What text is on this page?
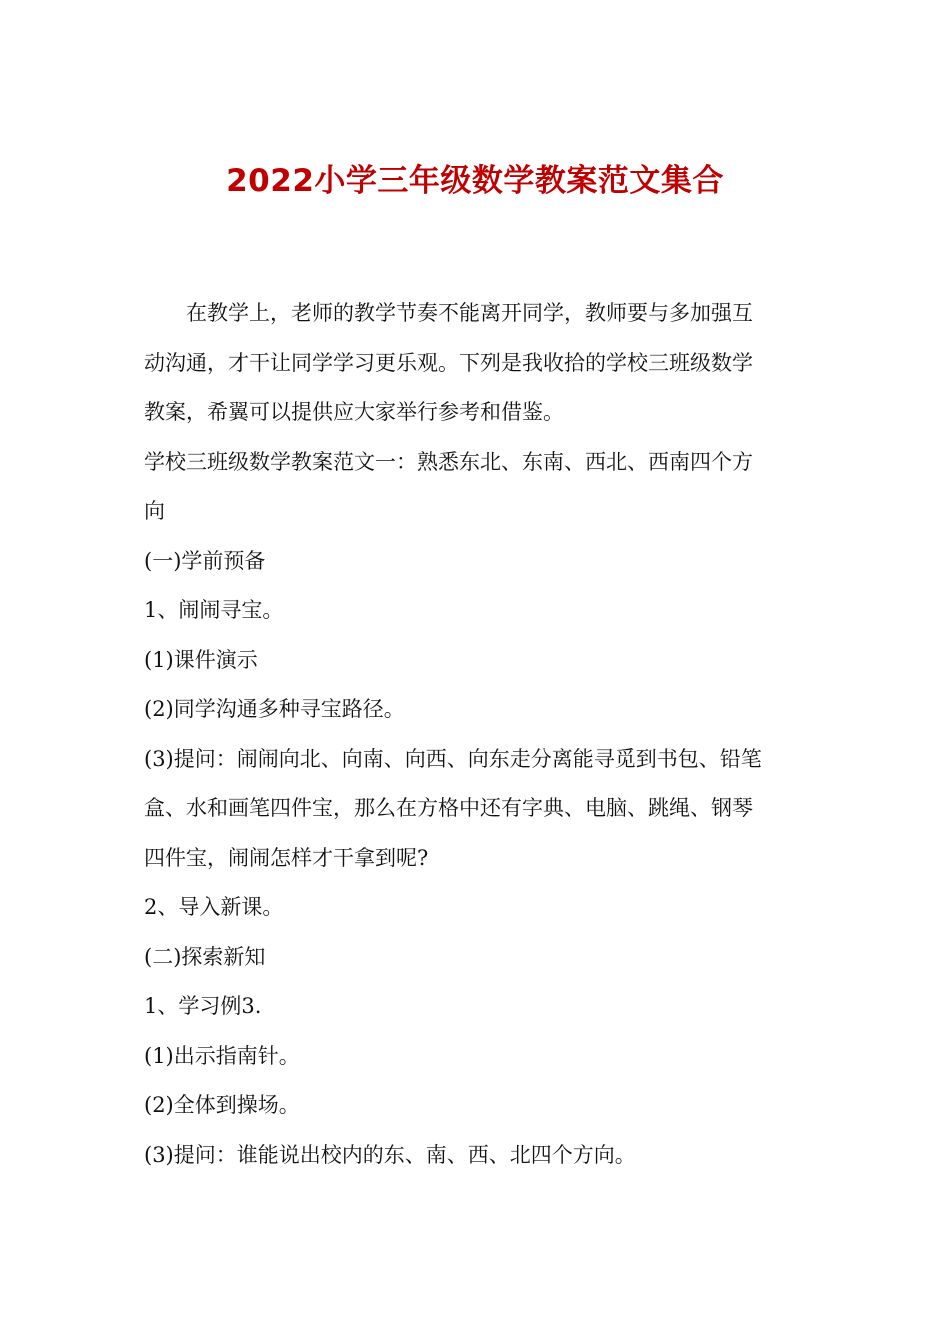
2022小学三年级数学教案范文集合
　　在教学上，老师的教学节奏不能离开同学，教师要与多加强互
动沟通，才干让同学学习更乐观。下列是我收拾的学校三班级数学
教案，希翼可以提供应大家举行参考和借鉴。
学校三班级数学教案范文一：熟悉东北、东南、西北、西南四个方
向
(一)学前预备
1、闹闹寻宝。
(1)课件演示
(2)同学沟通多种寻宝路径。
(3)提问：闹闹向北、向南、向西、向东走分离能寻觅到书包、铅笔
盒、水和画笔四件宝，那么在方格中还有字典、电脑、跳绳、钢琴
四件宝，闹闹怎样才干拿到呢?
2、导入新课。
(二)探索新知
1、学习例3.
(1)出示指南针。
(2)全体到操场。
(3)提问：谁能说出校内的东、南、西、北四个方向。
